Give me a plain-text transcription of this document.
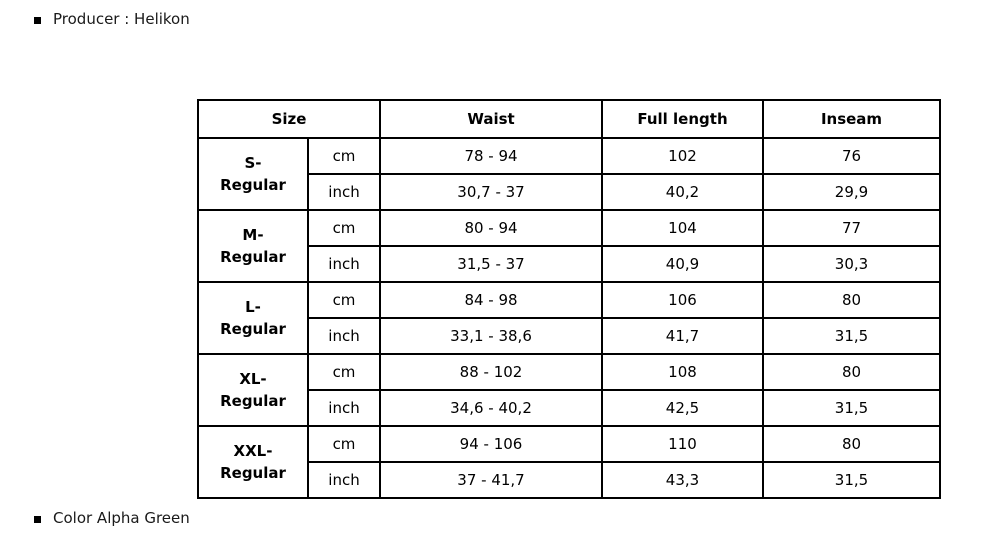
Producer : Helikon
Size		Waist	Full length	Inseam

S-
Regular	cm	78 - 94	102	76
	inch	30,7 - 37	40,2	29,9

M-
Regular	cm	80 - 94	104	77
	inch	31,5 - 37	40,9	30,3

L-
Regular	cm	84 - 98	106	80
	inch	33,1 - 38,6	41,7	31,5

XL-
Regular	cm	88 - 102	108	80
	inch	34,6 - 40,2	42,5	31,5

XXL-
Regular	cm	94 - 106	110	80
	inch	37 - 41,7	43,3	31,5
Color Alpha Green
